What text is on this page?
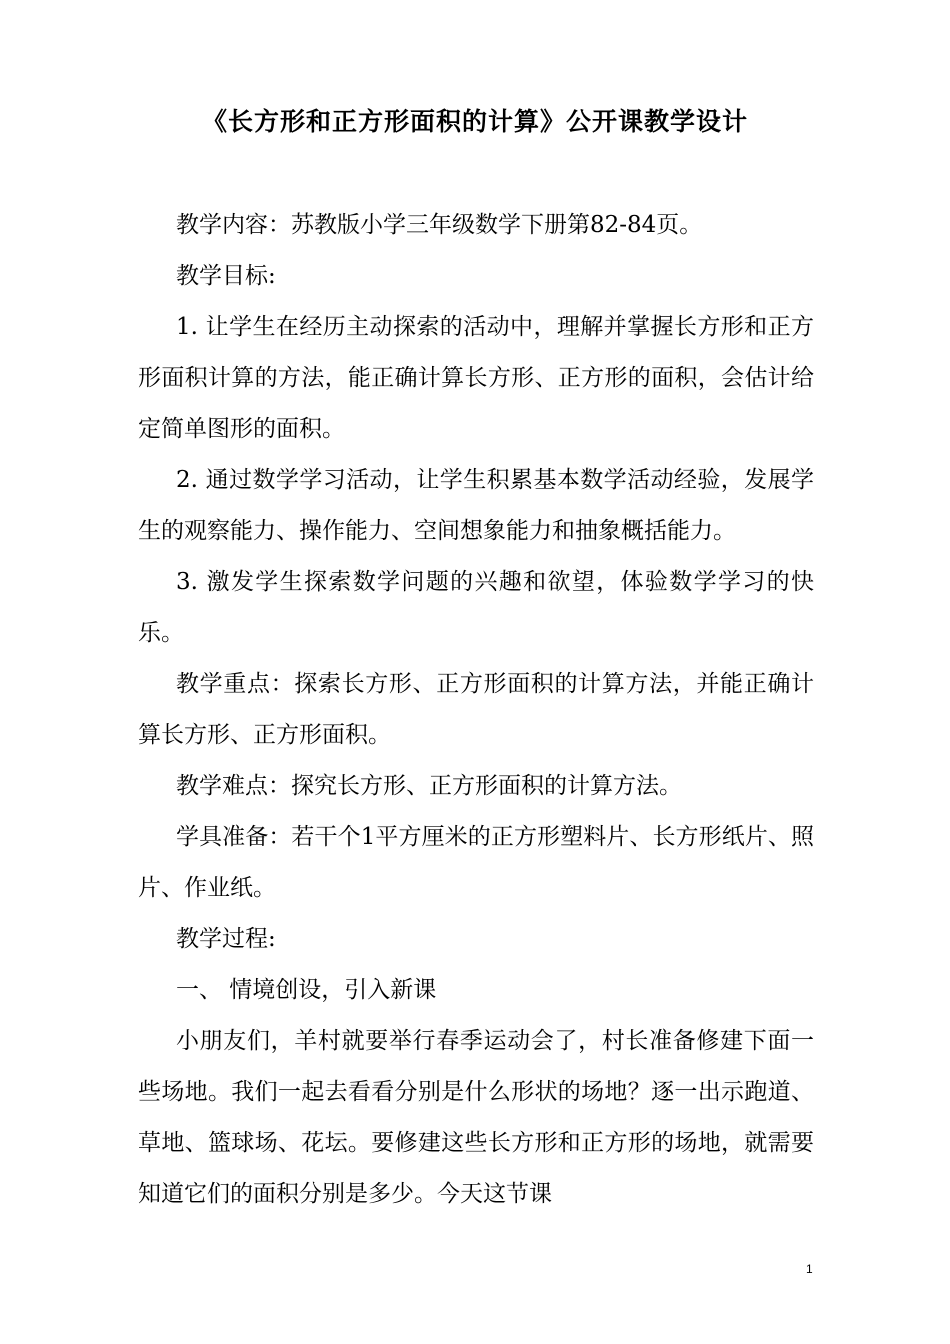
《长方形和正方形面积的计算》公开课教学设计

教学内容：苏教版小学三年级数学下册第82-84页。

教学目标:

1. 让学生在经历主动探索的活动中，理解并掌握长方形和正方形面积计算的方法，能正确计算长方形、正方形的面积，会估计给定简单图形的面积。

2. 通过数学学习活动，让学生积累基本数学活动经验，发展学生的观察能力、操作能力、空间想象能力和抽象概括能力。

3. 激发学生探索数学问题的兴趣和欲望，体验数学学习的快乐。

教学重点：探索长方形、正方形面积的计算方法，并能正确计算长方形、正方形面积。

教学难点：探究长方形、正方形面积的计算方法。

学具准备：若干个1平方厘米的正方形塑料片、长方形纸片、照片、作业纸。

教学过程:

一、 情境创设，引入新课

小朋友们，羊村就要举行春季运动会了，村长准备修建下面一些场地。我们一起去看看分别是什么形状的场地？逐一出示跑道、草地、篮球场、花坛。要修建这些长方形和正方形的场地，就需要知道它们的面积分别是多少。今天这节课

1
